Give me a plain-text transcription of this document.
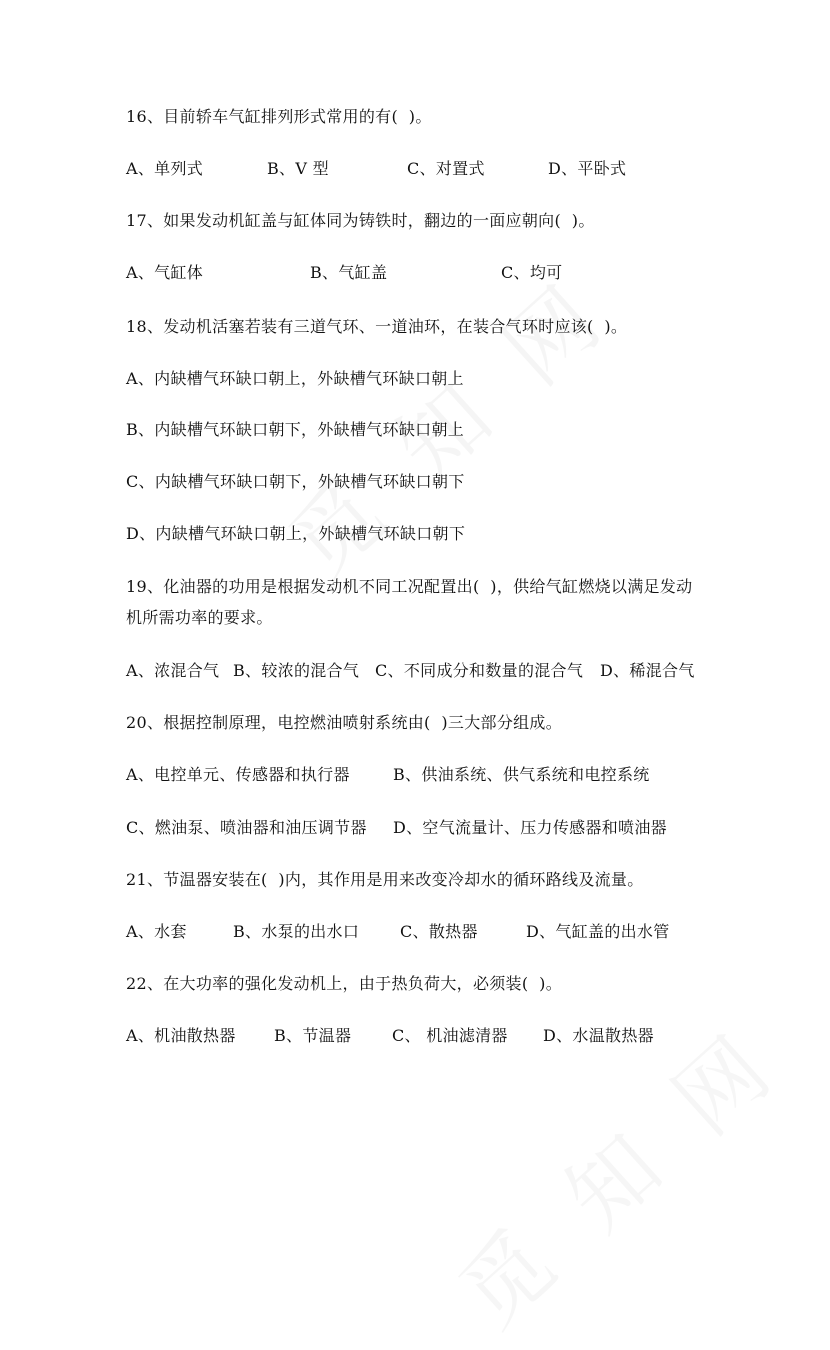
16、目前轿车气缸排列形式常用的有(  )。
A、单列式	B、V 型	C、对置式	D、平卧式
17、如果发动机缸盖与缸体同为铸铁时，翻边的一面应朝向(  )。
A、气缸体	B、气缸盖	C、均可
18、发动机活塞若装有三道气环、一道油环，在装合气环时应该(  )。
A、内缺槽气环缺口朝上，外缺槽气环缺口朝上
B、内缺槽气环缺口朝下，外缺槽气环缺口朝上
C、内缺槽气环缺口朝下，外缺槽气环缺口朝下
D、内缺槽气环缺口朝上，外缺槽气环缺口朝下
19、化油器的功用是根据发动机不同工况配置出(  )，供给气缸燃烧以满足发动
机所需功率的要求。
A、浓混合气 B、较浓的混合气 C、不同成分和数量的混合气 D、稀混合气
20、根据控制原理，电控燃油喷射系统由(  )三大部分组成。
A、电控单元、传感器和执行器	B、供油系统、供气系统和电控系统
C、燃油泵、喷油器和油压调节器 D、空气流量计、压力传感器和喷油器
21、节温器安装在(  )内，其作用是用来改变冷却水的循环路线及流量。
A、水套	B、水泵的出水口	C、散热器	D、气缸盖的出水管
22、在大功率的强化发动机上，由于热负荷大，必须装(  )。
A、机油散热器 B、节温器	C、 机油滤清器 D、水温散热器
